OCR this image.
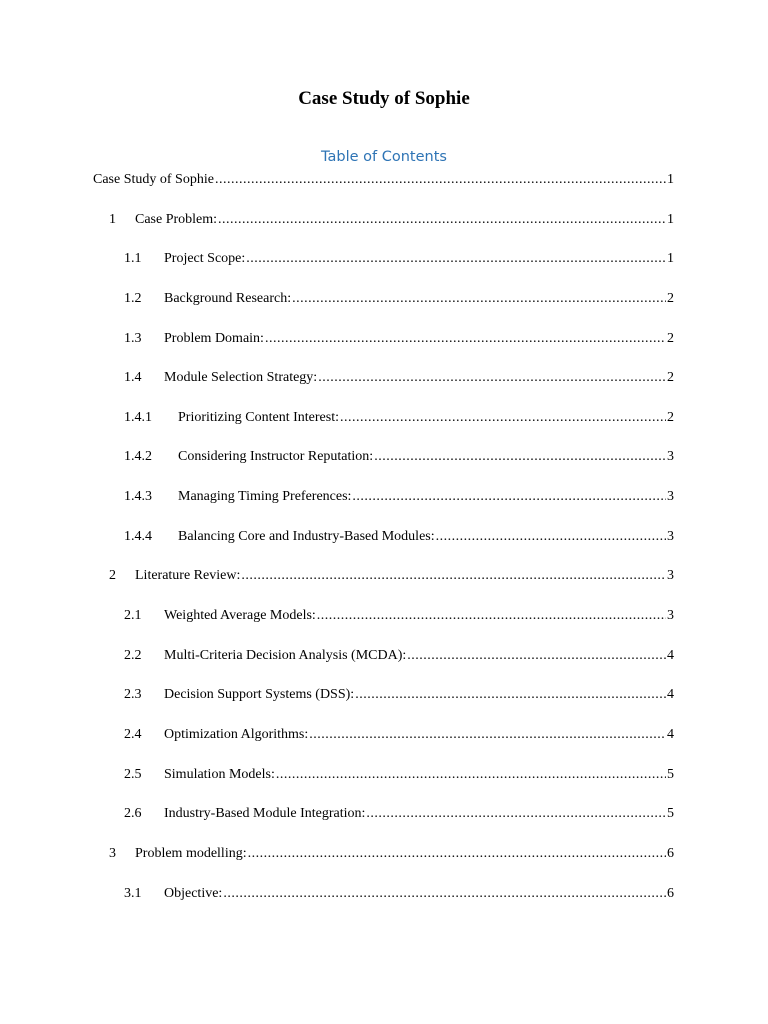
Case Study of Sophie
Table of Contents
Case Study of Sophie .....	1
1	Case Problem: .....	1
1.1	Project Scope: .....	1
1.2	Background Research: .....	2
1.3	Problem Domain: .....	2
1.4	Module Selection Strategy: .....	2
1.4.1	Prioritizing Content Interest: .....	2
1.4.2	Considering Instructor Reputation: .....	3
1.4.3	Managing Timing Preferences: .....	3
1.4.4	Balancing Core and Industry-Based Modules: .....	3
2	Literature Review: .....	3
2.1	Weighted Average Models: .....	3
2.2	Multi-Criteria Decision Analysis (MCDA): .....	4
2.3	Decision Support Systems (DSS): .....	4
2.4	Optimization Algorithms: .....	4
2.5	Simulation Models: .....	5
2.6	Industry-Based Module Integration: .....	5
3	Problem modelling: .....	6
3.1	Objective: .....	6
